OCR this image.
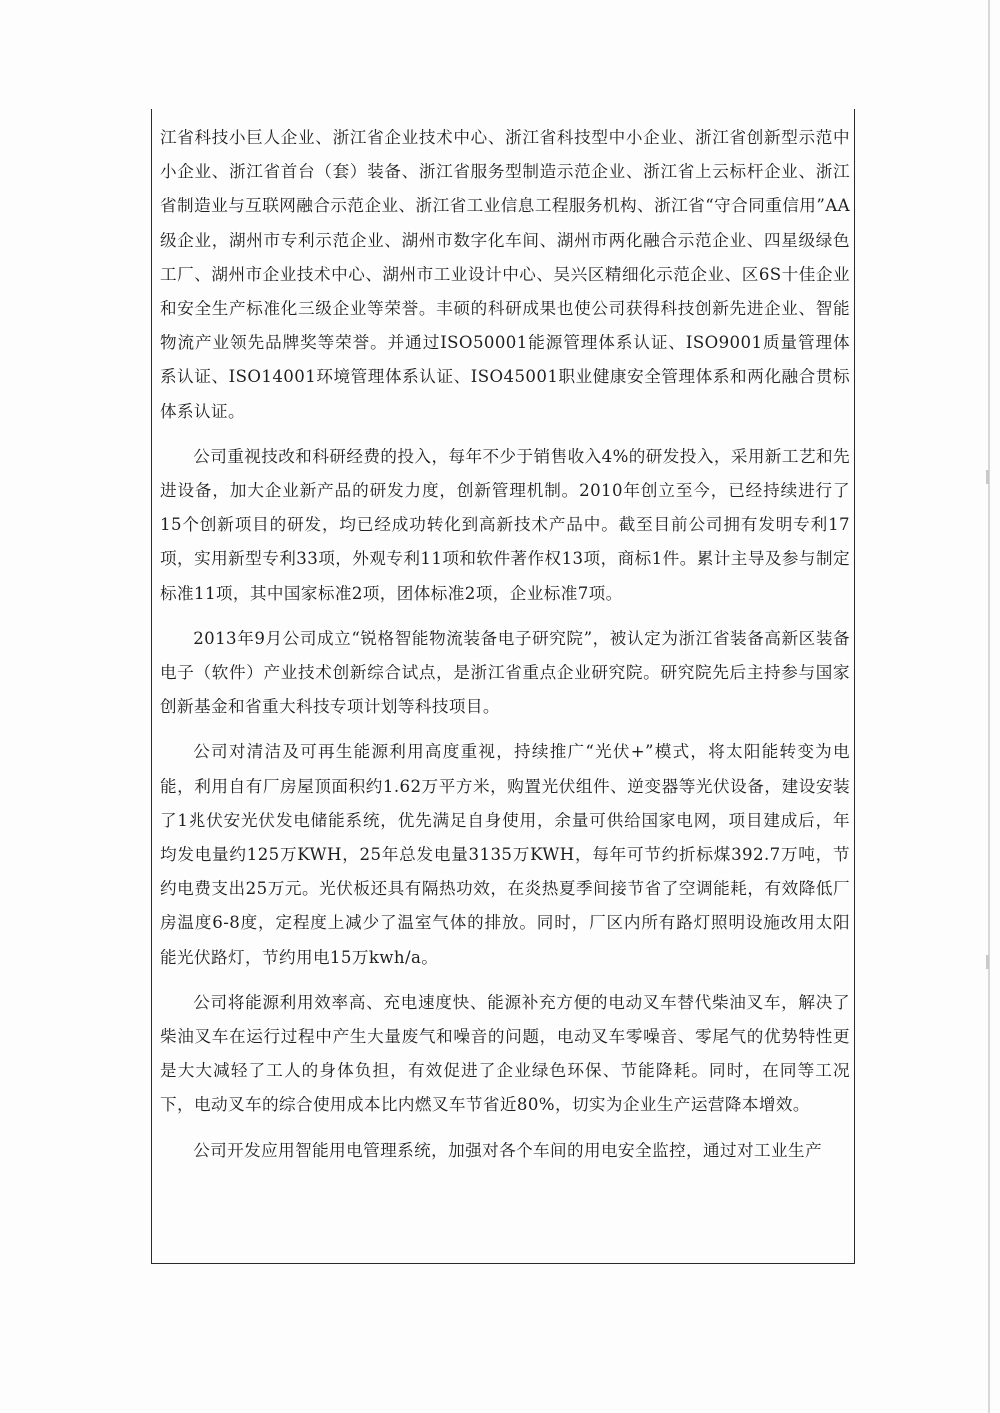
江省科技小巨人企业、浙江省企业技术中心、浙江省科技型中小企业、浙江省创新型示范中小企业、浙江省首台（套）装备、浙江省服务型制造示范企业、浙江省上云标杆企业、浙江省制造业与互联网融合示范企业、浙江省工业信息工程服务机构、浙江省“守合同重信用”AA级企业，湖州市专利示范企业、湖州市数字化车间、湖州市两化融合示范企业、四星级绿色工厂、湖州市企业技术中心、湖州市工业设计中心、吴兴区精细化示范企业、区6S十佳企业和安全生产标准化三级企业等荣誉。丰硕的科研成果也使公司获得科技创新先进企业、智能物流产业领先品牌奖等荣誉。并通过ISO50001能源管理体系认证、ISO9001质量管理体系认证、ISO14001环境管理体系认证、ISO45001职业健康安全管理体系和两化融合贯标体系认证。

公司重视技改和科研经费的投入，每年不少于销售收入4%的研发投入，采用新工艺和先进设备，加大企业新产品的研发力度，创新管理机制。2010年创立至今，已经持续进行了15个创新项目的研发，均已经成功转化到高新技术产品中。截至目前公司拥有发明专利17项，实用新型专利33项，外观专利11项和软件著作权13项，商标1件。累计主导及参与制定标准11项，其中国家标准2项，团体标准2项，企业标准7项。

2013年9月公司成立“锐格智能物流装备电子研究院”，被认定为浙江省装备高新区装备电子（软件）产业技术创新综合试点，是浙江省重点企业研究院。研究院先后主持参与国家创新基金和省重大科技专项计划等科技项目。

公司对清洁及可再生能源利用高度重视，持续推广“光伏+”模式，将太阳能转变为电能，利用自有厂房屋顶面积约1.62万平方米，购置光伏组件、逆变器等光伏设备，建设安装了1兆伏安光伏发电储能系统，优先满足自身使用，余量可供给国家电网，项目建成后，年均发电量约125万KWH，25年总发电量3135万KWH，每年可节约折标煤392.7万吨，节约电费支出25万元。光伏板还具有隔热功效，在炎热夏季间接节省了空调能耗，有效降低厂房温度6-8度，定程度上减少了温室气体的排放。同时，厂区内所有路灯照明设施改用太阳能光伏路灯，节约用电15万kwh/a。

公司将能源利用效率高、充电速度快、能源补充方便的电动叉车替代柴油叉车，解决了柴油叉车在运行过程中产生大量废气和噪音的问题，电动叉车零噪音、零尾气的优势特性更是大大减轻了工人的身体负担，有效促进了企业绿色环保、节能降耗。同时，在同等工况下，电动叉车的综合使用成本比内燃叉车节省近80%，切实为企业生产运营降本增效。

公司开发应用智能用电管理系统，加强对各个车间的用电安全监控，通过对工业生产
